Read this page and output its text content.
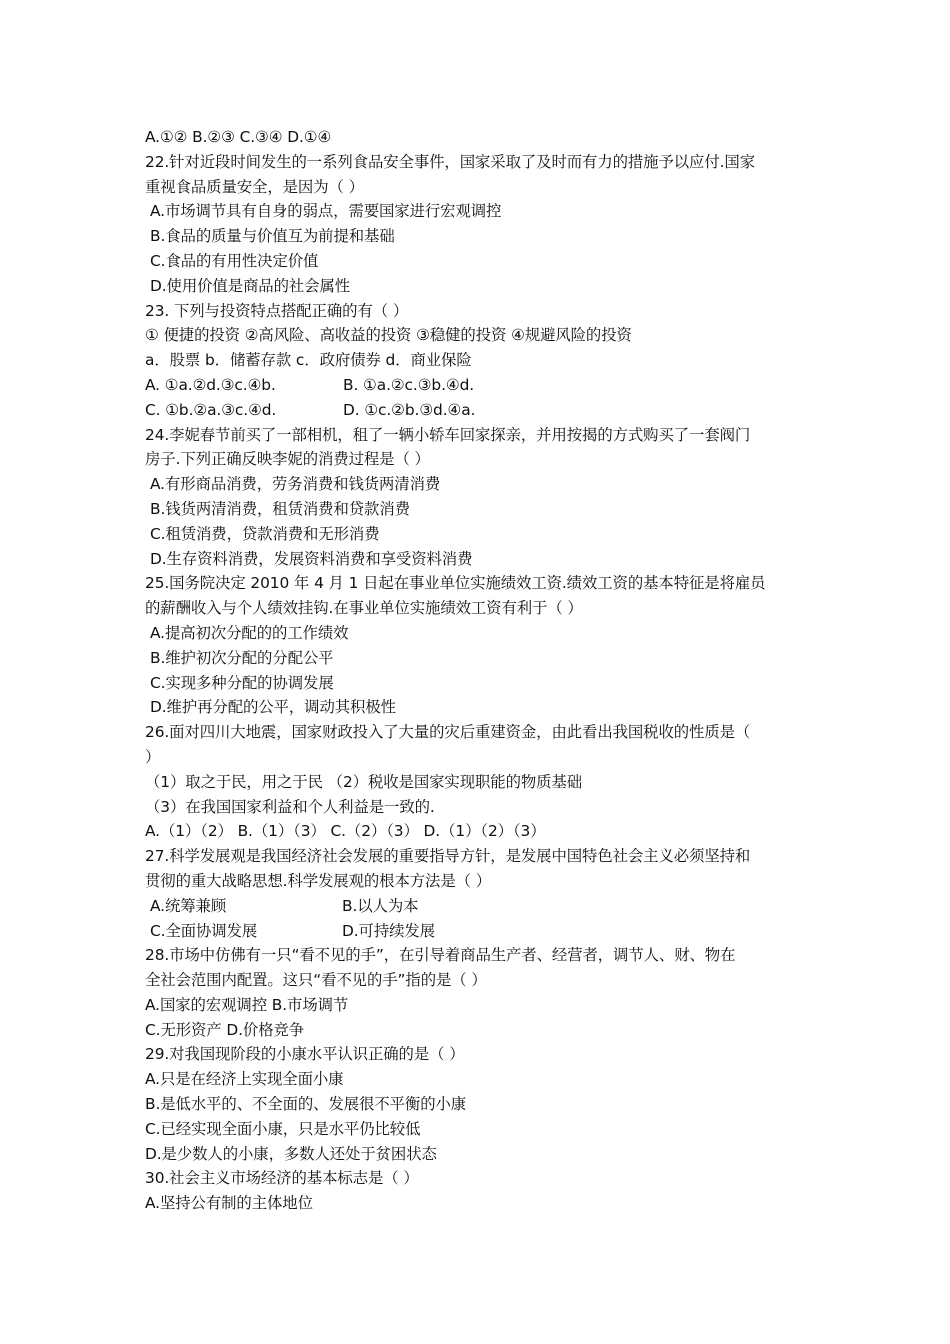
A.①② B.②③ C.③④ D.①④
22.针对近段时间发生的一系列食品安全事件，国家采取了及时而有力的措施予以应付.国家
重视食品质量安全，是因为（ ）
A.市场调节具有自身的弱点，需要国家进行宏观调控
B.食品的质量与价值互为前提和基础
C.食品的有用性决定价值
D.使用价值是商品的社会属性
23. 下列与投资特点搭配正确的有（ ）
① 便捷的投资 ②高风险、高收益的投资 ③稳健的投资 ④规避风险的投资
a．股票 b．储蓄存款 c．政府债券 d．商业保险
A. ①a.②d.③c.④b.	B. ①a.②c.③b.④d.
C. ①b.②a.③c.④d.	D. ①c.②b.③d.④a.
24.李妮春节前买了一部相机，租了一辆小轿车回家探亲，并用按揭的方式购买了一套阀门
房子.下列正确反映李妮的消费过程是（ ）
A.有形商品消费，劳务消费和钱货两清消费
B.钱货两清消费，租赁消费和贷款消费
C.租赁消费，贷款消费和无形消费
D.生存资料消费，发展资料消费和享受资料消费
25.国务院决定 2010 年 4 月 1 日起在事业单位实施绩效工资.绩效工资的基本特征是将雇员
的薪酬收入与个人绩效挂钩.在事业单位实施绩效工资有利于（ ）
A.提高初次分配的的工作绩效
B.维护初次分配的分配公平
C.实现多种分配的协调发展
D.维护再分配的公平，调动其积极性
26.面对四川大地震，国家财政投入了大量的灾后重建资金，由此看出我国税收的性质是（
）
（1）取之于民，用之于民 （2）税收是国家实现职能的物质基础
（3）在我国国家利益和个人利益是一致的.
A.（1）（2） B.（1）（3） C.（2）（3） D.（1）（2）（3）
27.科学发展观是我国经济社会发展的重要指导方针，是发展中国特色社会主义必须坚持和
贯彻的重大战略思想.科学发展观的根本方法是（ ）
A.统筹兼顾	B.以人为本
C.全面协调发展	D.可持续发展
28.市场中仿佛有一只“看不见的手”，在引导着商品生产者、经营者，调节人、财、物在
全社会范围内配置。这只“看不见的手”指的是（ ）
A.国家的宏观调控 B.市场调节
C.无形资产 D.价格竞争
29.对我国现阶段的小康水平认识正确的是（ ）
A.只是在经济上实现全面小康
B.是低水平的、不全面的、发展很不平衡的小康
C.已经实现全面小康，只是水平仍比较低
D.是少数人的小康，多数人还处于贫困状态
30.社会主义市场经济的基本标志是（ ）
A.坚持公有制的主体地位
